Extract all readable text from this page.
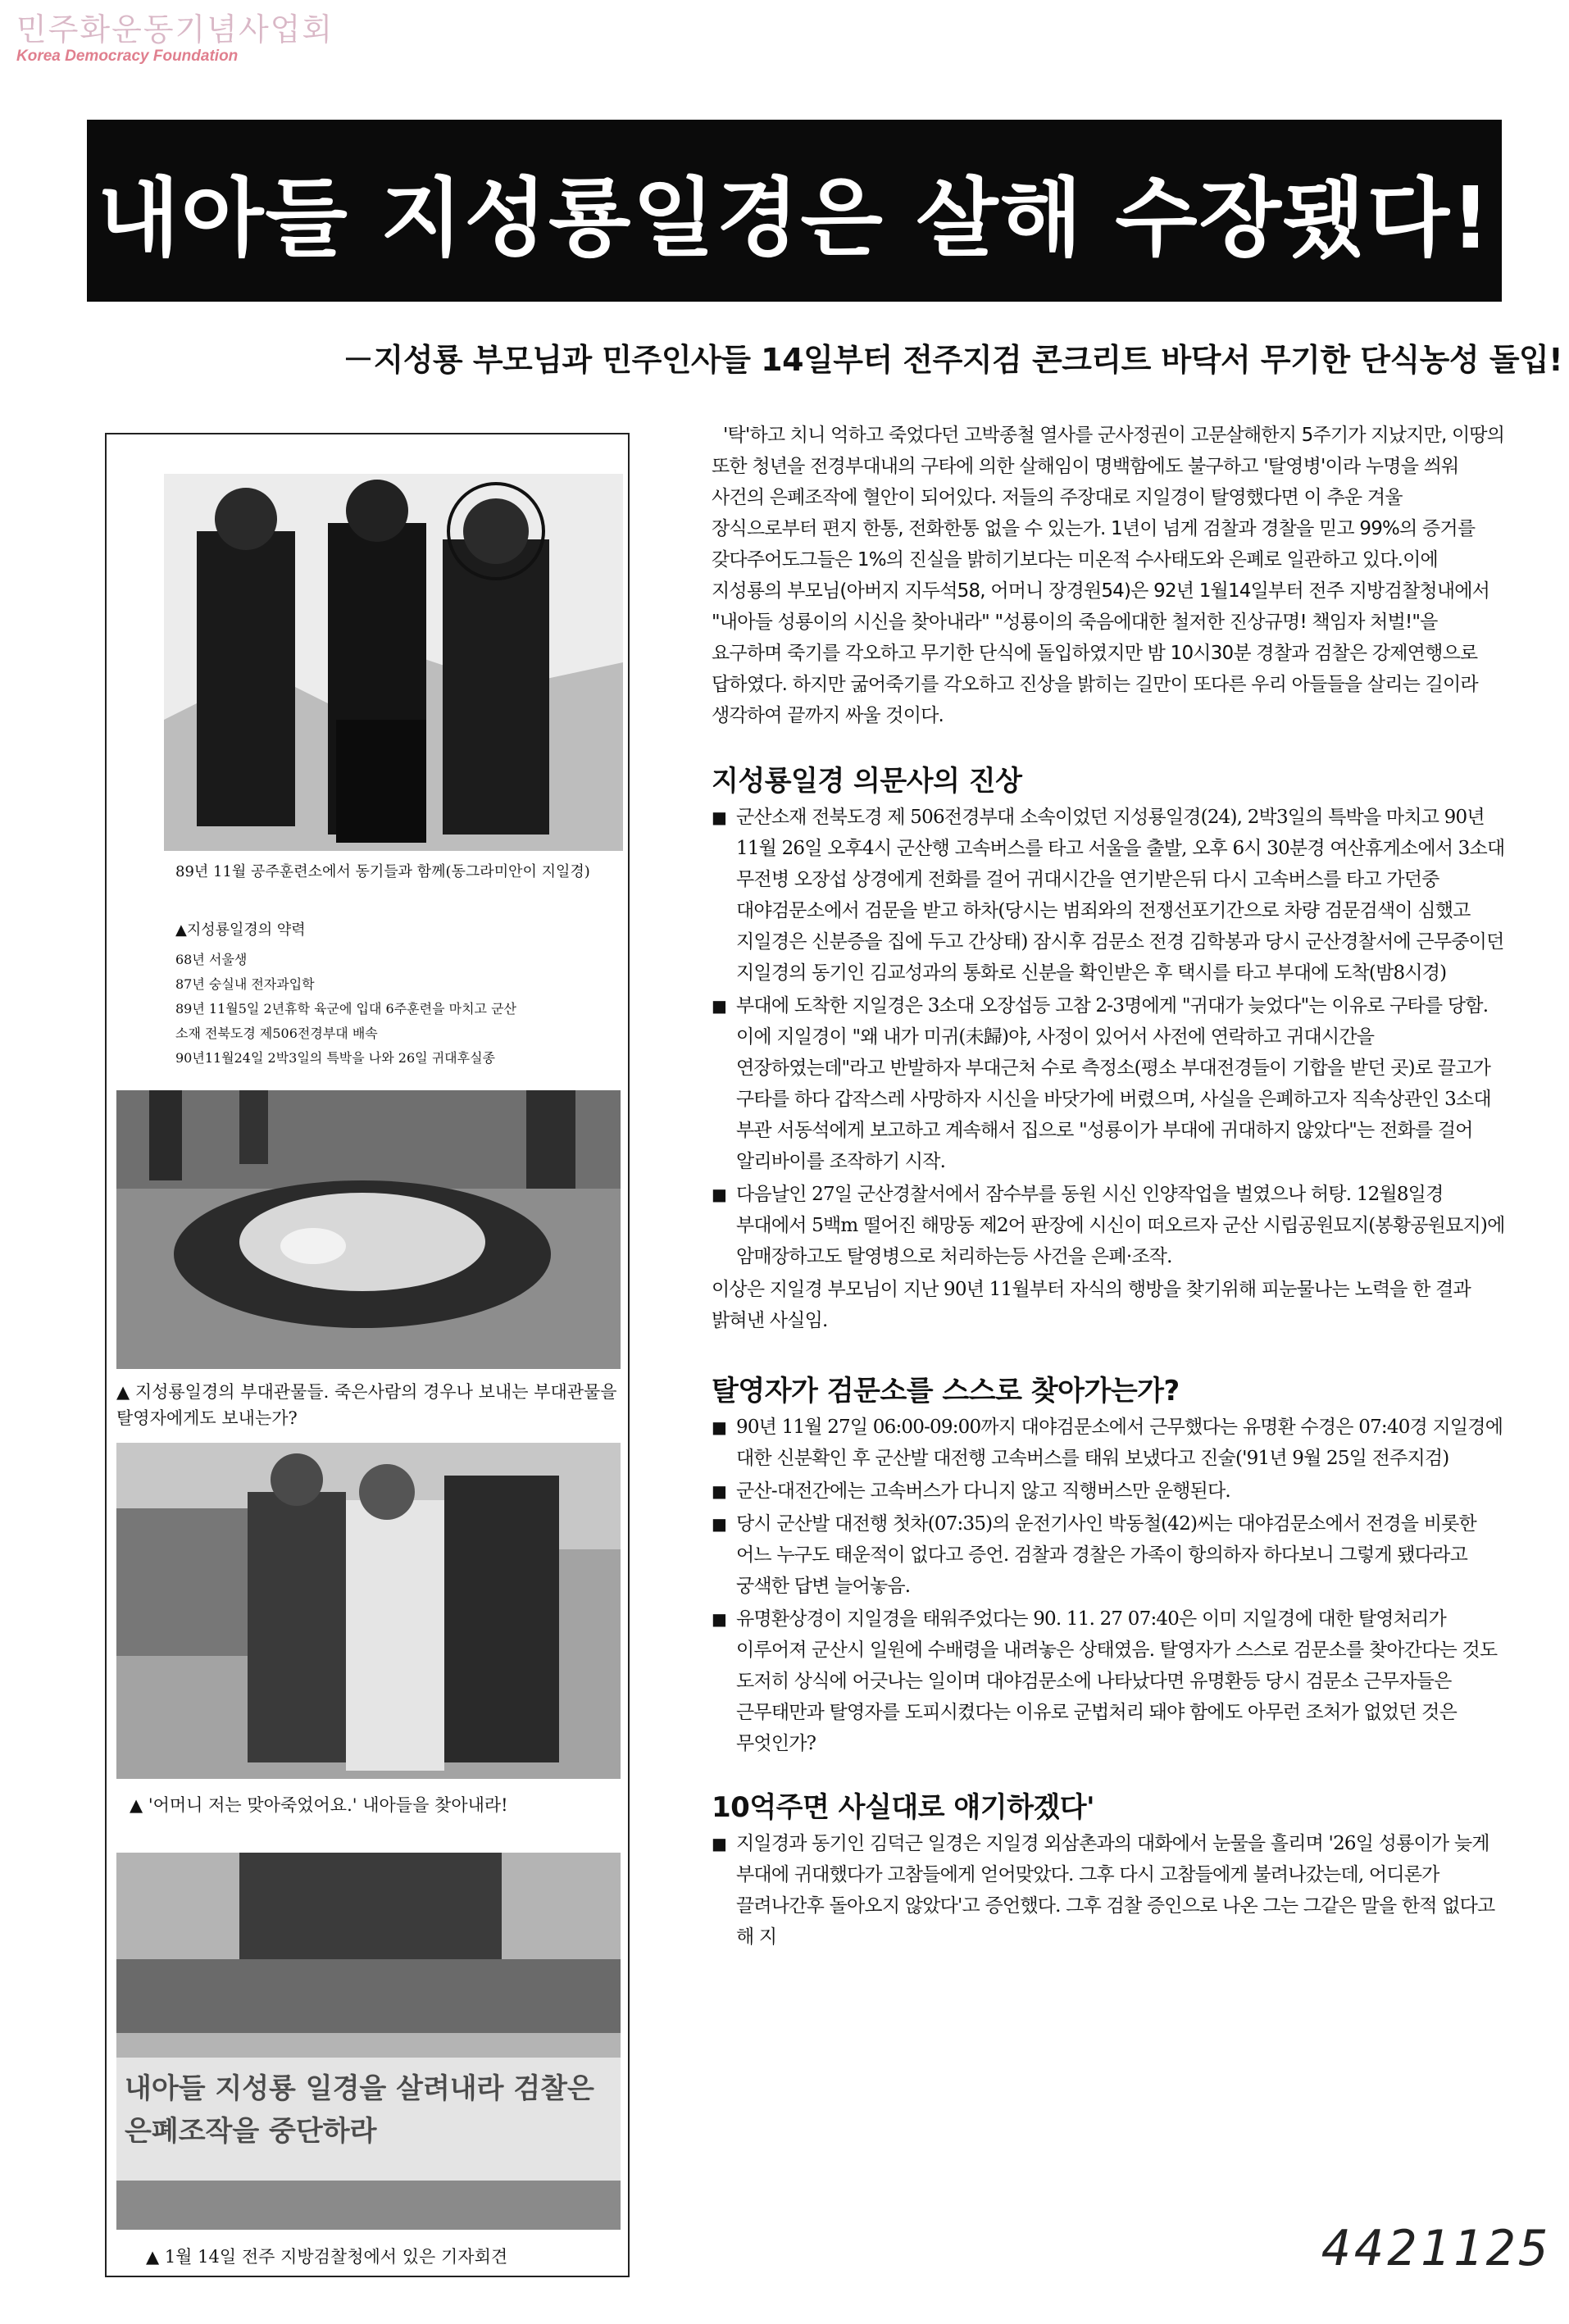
민주화운동기념사업회
Korea Democracy Foundation
내아들 지성룡일경은 살해 수장됐다!
－지성룡 부모님과 민주인사들 14일부터 전주지검 콘크리트 바닥서 무기한 단식농성 돌입!
89년 11월 공주훈련소에서 동기들과 함께(동그라미안이 지일경)
▲지성룡일경의 약력
68년 서울생
87년 숭실내 전자과입학
89년 11월5일 2년휴학 육군에 입대 6주훈련을 마치고 군산
소재 전북도경 제506전경부대 배속
90년11월24일 2박3일의 특박을 나와 26일 귀대후실종
▲ 지성룡일경의 부대관물들. 죽은사람의 경우나 보내는 부대관물을 탈영자에게도 보내는가?
▲ '어머니 저는 맞아죽었어요.' 내아들을 찾아내라!
내아들 지성룡 일경을 살려내라 검찰은 은폐조작을 중단하라
▲ 1월 14일 전주 지방검찰청에서 있은 기자회견

'탁'하고 치니 억하고 죽었다던 고박종철 열사를 군사정권이 고문살해한지 5주기가 지났지만, 이땅의 또한 청년을 전경부대내의 구타에 의한 살해임이 명백함에도 불구하고 '탈영병'이라 누명을 씌워 사건의 은폐조작에 혈안이 되어있다. 저들의 주장대로 지일경이 탈영했다면 이 추운 겨울 장식으로부터 편지 한통, 전화한통 없을 수 있는가. 1년이 넘게 검찰과 경찰을 믿고 99%의 증거를 갖다주어도그들은 1%의 진실을 밝히기보다는 미온적 수사태도와 은폐로 일관하고 있다.이에 지성룡의 부모님(아버지 지두석58, 어머니 장경원54)은 92년 1월14일부터 전주 지방검찰청내에서 "내아들 성룡이의 시신을 찾아내라" "성룡이의 죽음에대한 철저한 진상규명! 책임자 처벌!"을 요구하며 죽기를 각오하고 무기한 단식에 돌입하였지만 밤 10시30분 경찰과 검찰은 강제연행으로 답하였다. 하지만 굶어죽기를 각오하고 진상을 밝히는 길만이 또다른 우리 아들들을 살리는 길이라 생각하여 끝까지 싸울 것이다.

지성룡일경 의문사의 진상

■ 군산소재 전북도경 제 506전경부대 소속이었던 지성룡일경(24), 2박3일의 특박을 마치고 90년 11월 26일 오후4시 군산행 고속버스를 타고 서울을 출발, 오후 6시 30분경 여산휴게소에서 3소대 무전병 오장섭 상경에게 전화를 걸어 귀대시간을 연기받은뒤 다시 고속버스를 타고 가던중 대야검문소에서 검문을 받고 하차(당시는 범죄와의 전쟁선포기간으로 차량 검문검색이 심했고 지일경은 신분증을 집에 두고 간상태) 잠시후 검문소 전경 김학봉과 당시 군산경찰서에 근무중이던 지일경의 동기인 김교성과의 통화로 신분을 확인받은 후 택시를 타고 부대에 도착(밤8시경)

■ 부대에 도착한 지일경은 3소대 오장섭등 고참 2-3명에게 "귀대가 늦었다"는 이유로 구타를 당함. 이에 지일경이 "왜 내가 미귀(未歸)야, 사정이 있어서 사전에 연락하고 귀대시간을 연장하였는데"라고 반발하자 부대근처 수로 측정소(평소 부대전경들이 기합을 받던 곳)로 끌고가 구타를 하다 갑작스레 사망하자 시신을 바닷가에 버렸으며, 사실을 은폐하고자 직속상관인 3소대 부관 서동석에게 보고하고 계속해서 집으로 "성룡이가 부대에 귀대하지 않았다"는 전화를 걸어 알리바이를 조작하기 시작.

■ 다음날인 27일 군산경찰서에서 잠수부를 동원 시신 인양작업을 벌였으나 허탕. 12월8일경 부대에서 5백m 떨어진 해망동 제2어 판장에 시신이 떠오르자 군산 시립공원묘지(봉황공원묘지)에 암매장하고도 탈영병으로 처리하는등 사건을 은폐·조작.

이상은 지일경 부모님이 지난 90년 11월부터 자식의 행방을 찾기위해 피눈물나는 노력을 한 결과 밝혀낸 사실임.

탈영자가 검문소를 스스로 찾아가는가?

■ 90년 11월 27일 06:00-09:00까지 대야검문소에서 근무했다는 유명환 수경은 07:40경 지일경에 대한 신분확인 후 군산발 대전행 고속버스를 태워 보냈다고 진술('91년 9월 25일 전주지검)

■ 군산-대전간에는 고속버스가 다니지 않고 직행버스만 운행된다.

■ 당시 군산발 대전행 첫차(07:35)의 운전기사인 박동철(42)씨는 대야검문소에서 전경을 비롯한 어느 누구도 태운적이 없다고 증언. 검찰과 경찰은 가족이 항의하자 하다보니 그렇게 됐다라고 궁색한 답변 늘어놓음.

■ 유명환상경이 지일경을 태워주었다는 90. 11. 27 07:40은 이미 지일경에 대한 탈영처리가 이루어져 군산시 일원에 수배령을 내려놓은 상태였음. 탈영자가 스스로 검문소를 찾아간다는 것도 도저히 상식에 어긋나는 일이며 대야검문소에 나타났다면 유명환등 당시 검문소 근무자들은 근무태만과 탈영자를 도피시켰다는 이유로 군법처리 돼야 함에도 아무런 조처가 없었던 것은 무엇인가?

10억주면 사실대로 얘기하겠다'

■ 지일경과 동기인 김덕근 일경은 지일경 외삼촌과의 대화에서 눈물을 흘리며 '26일 성룡이가 늦게 부대에 귀대했다가 고참들에게 얻어맞았다. 그후 다시 고참들에게 불려나갔는데, 어디론가 끌려나간후 돌아오지 않았다'고 증언했다. 그후 검찰 증인으로 나온 그는 그같은 말을 한적 없다고 해 지

4421125
